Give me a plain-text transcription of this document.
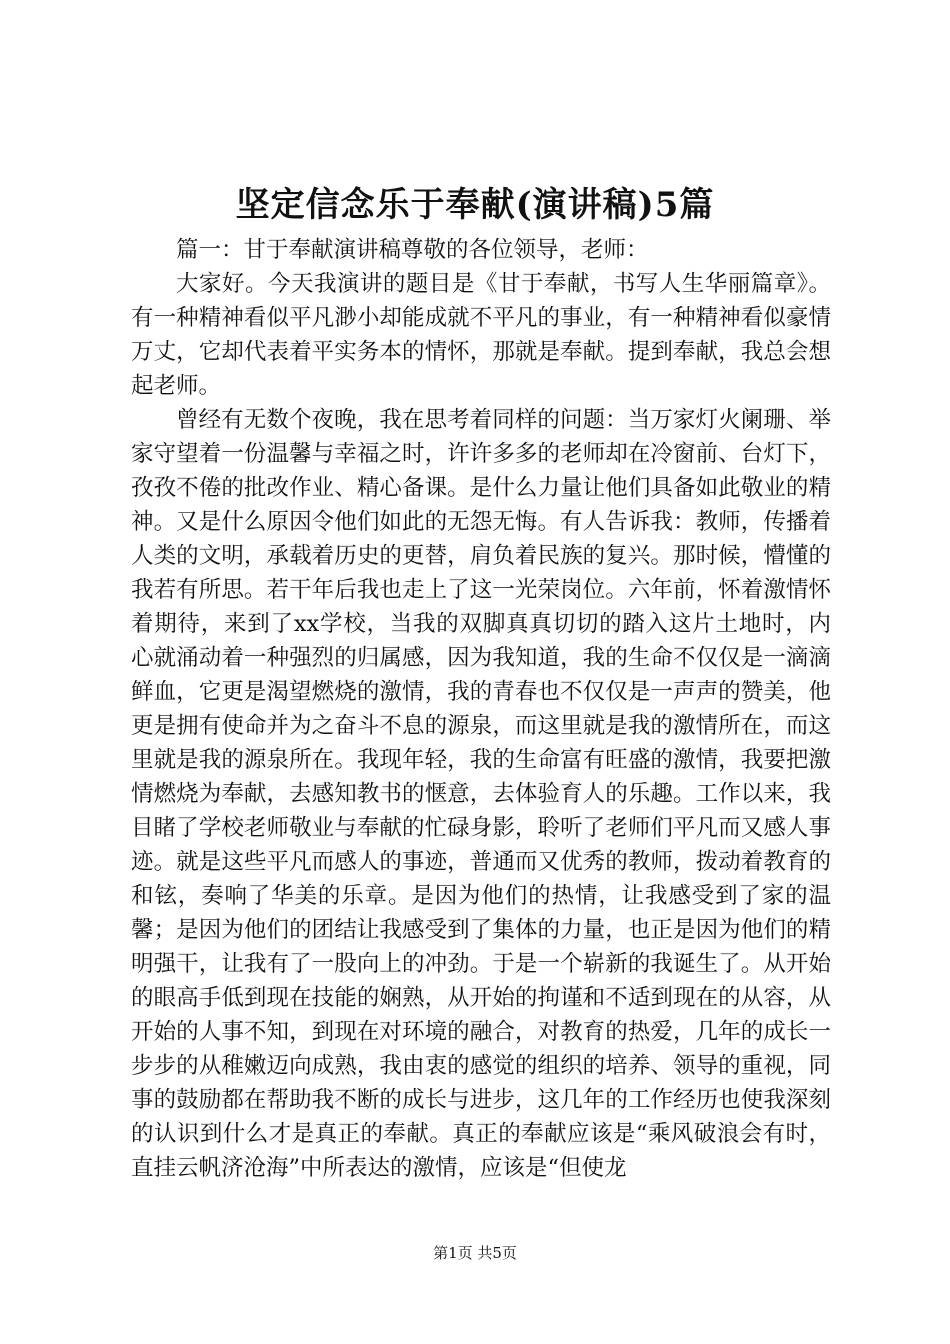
坚定信念乐于奉献(演讲稿)5篇

篇一：甘于奉献演讲稿尊敬的各位领导，老师：

大家好。今天我演讲的题目是《甘于奉献，书写人生华丽篇章》。有一种精神看似平凡渺小却能成就不平凡的事业，有一种精神看似豪情万丈，它却代表着平实务本的情怀，那就是奉献。提到奉献，我总会想起老师。

曾经有无数个夜晚，我在思考着同样的问题：当万家灯火阑珊、举家守望着一份温馨与幸福之时，许许多多的老师却在冷窗前、台灯下，孜孜不倦的批改作业、精心备课。是什么力量让他们具备如此敬业的精神。又是什么原因令他们如此的无怨无悔。有人告诉我：教师，传播着人类的文明，承载着历史的更替，肩负着民族的复兴。那时候，懵懂的我若有所思。若干年后我也走上了这一光荣岗位。六年前，怀着激情怀着期待，来到了xx学校，当我的双脚真真切切的踏入这片土地时，内心就涌动着一种强烈的归属感，因为我知道，我的生命不仅仅是一滴滴鲜血，它更是渴望燃烧的激情，我的青春也不仅仅是一声声的赞美，他更是拥有使命并为之奋斗不息的源泉，而这里就是我的激情所在，而这里就是我的源泉所在。我现年轻，我的生命富有旺盛的激情，我要把激情燃烧为奉献，去感知教书的惬意，去体验育人的乐趣。工作以来，我目睹了学校老师敬业与奉献的忙碌身影，聆听了老师们平凡而又感人事迹。就是这些平凡而感人的事迹，普通而又优秀的教师，拨动着教育的和铉，奏响了华美的乐章。是因为他们的热情，让我感受到了家的温馨；是因为他们的团结让我感受到了集体的力量，也正是因为他们的精明强干，让我有了一股向上的冲劲。于是一个崭新的我诞生了。从开始的眼高手低到现在技能的娴熟，从开始的拘谨和不适到现在的从容，从开始的人事不知，到现在对环境的融合，对教育的热爱，几年的成长一步步的从稚嫩迈向成熟，我由衷的感觉的组织的培养、领导的重视，同事的鼓励都在帮助我不断的成长与进步，这几年的工作经历也使我深刻的认识到什么才是真正的奉献。真正的奉献应该是“乘风破浪会有时，直挂云帆济沧海”中所表达的激情，应该是“但使龙

第1页 共5页
